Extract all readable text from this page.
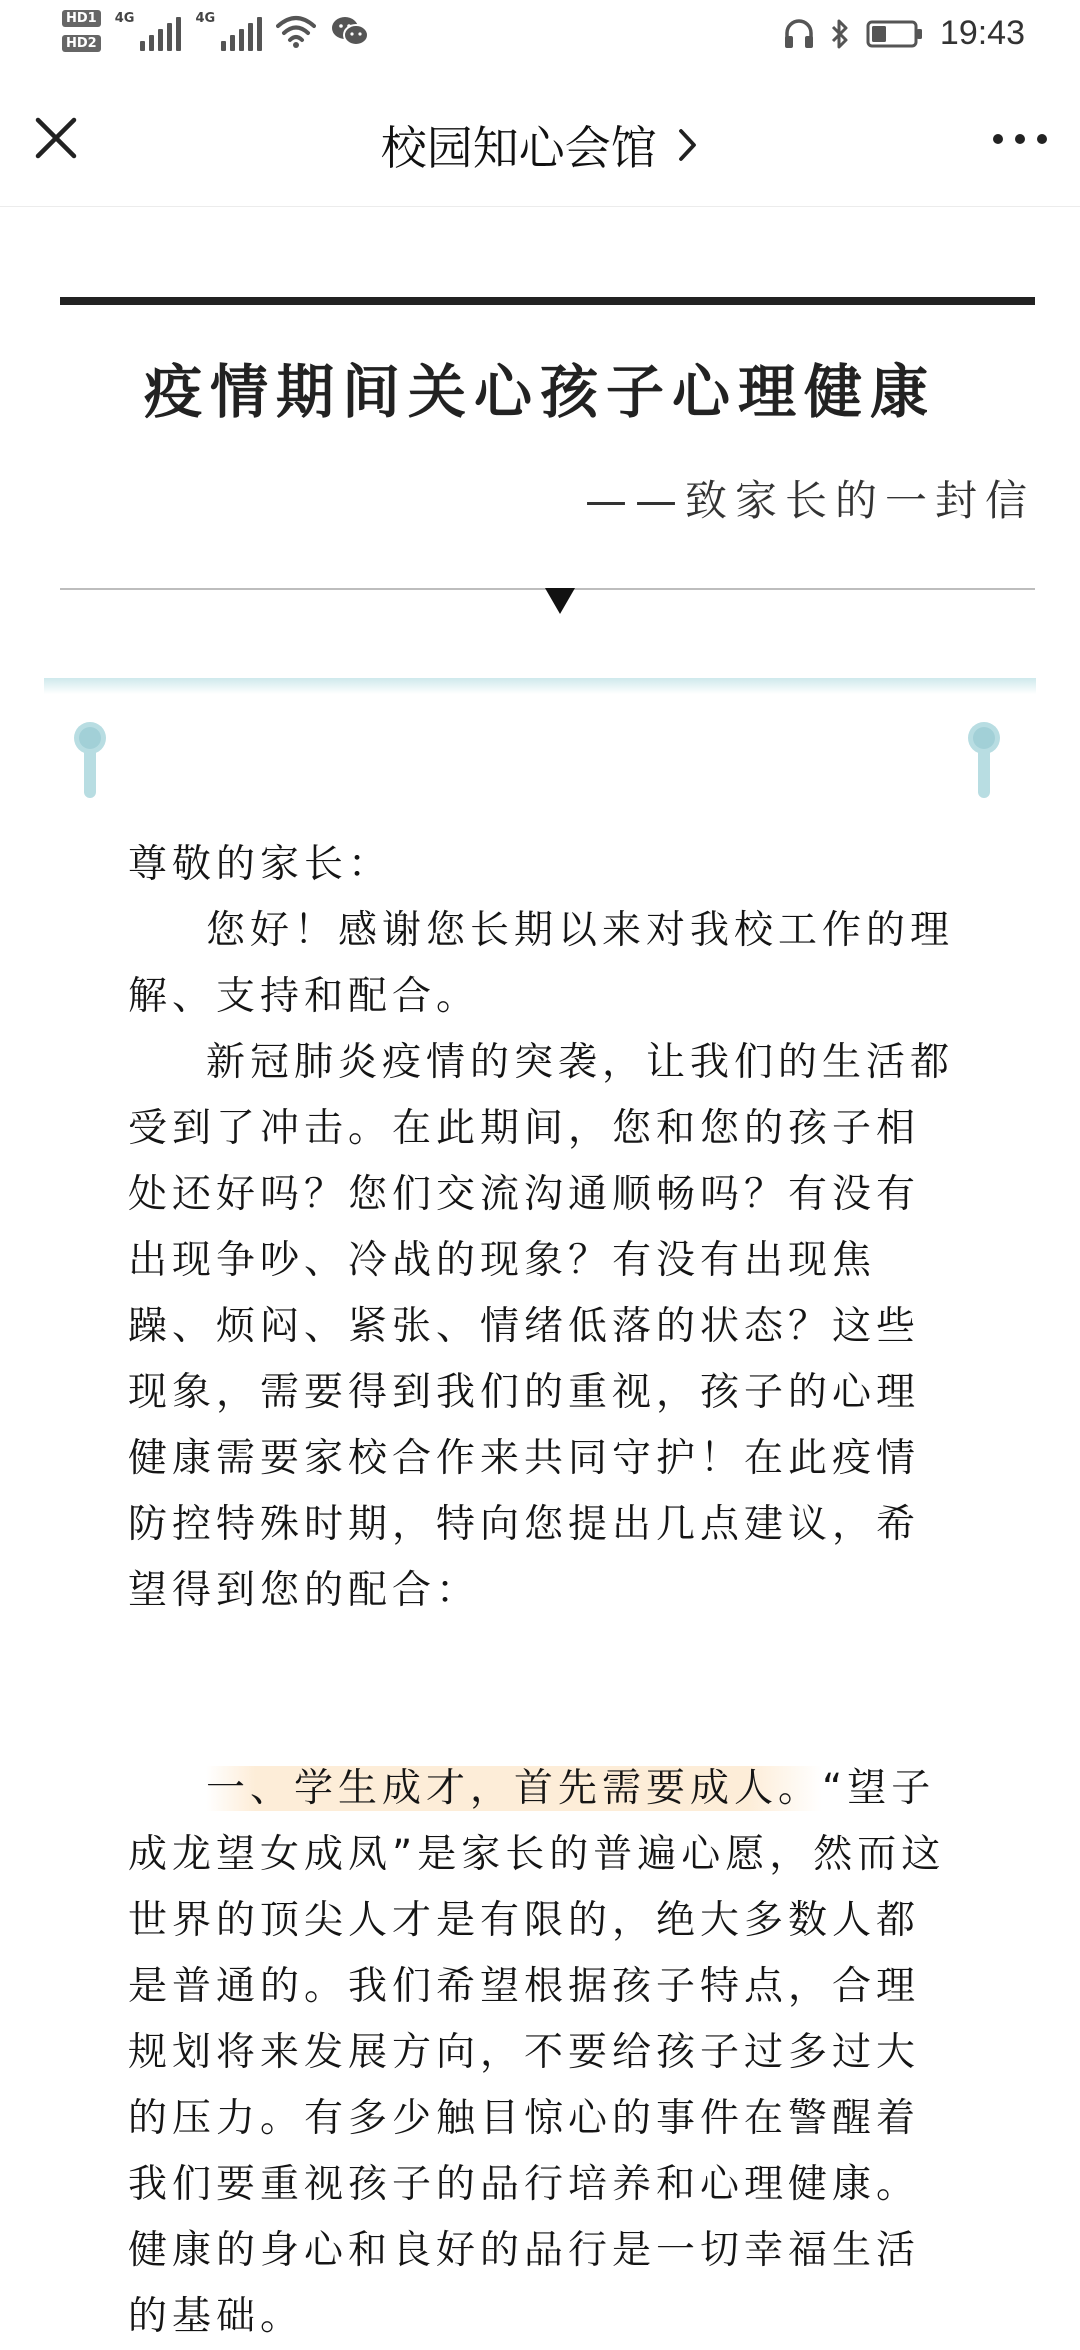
HD1
HD2
4G	4G	19:43
校园知心会馆
疫情期间关心孩子心理健康
——致家长的一封信

尊敬的家长：

您好！感谢您长期以来对我校工作的理解、支持和配合。

新冠肺炎疫情的突袭，让我们的生活都受到了冲击。在此期间，您和您的孩子相处还好吗？您们交流沟通顺畅吗？有没有出现争吵、冷战的现象？有没有出现焦躁、烦闷、紧张、情绪低落的状态？这些现象，需要得到我们的重视，孩子的心理健康需要家校合作来共同守护！在此疫情防控特殊时期，特向您提出几点建议，希望得到您的配合：

一、学生成才，首先需要成人。“望子成龙望女成凤”是家长的普遍心愿，然而这世界的顶尖人才是有限的，绝大多数人都是普通的。我们希望根据孩子特点，合理规划将来发展方向，不要给孩子过多过大的压力。有多少触目惊心的事件在警醒着我们要重视孩子的品行培养和心理健康。健康的身心和良好的品行是一切幸福生活的基础。
